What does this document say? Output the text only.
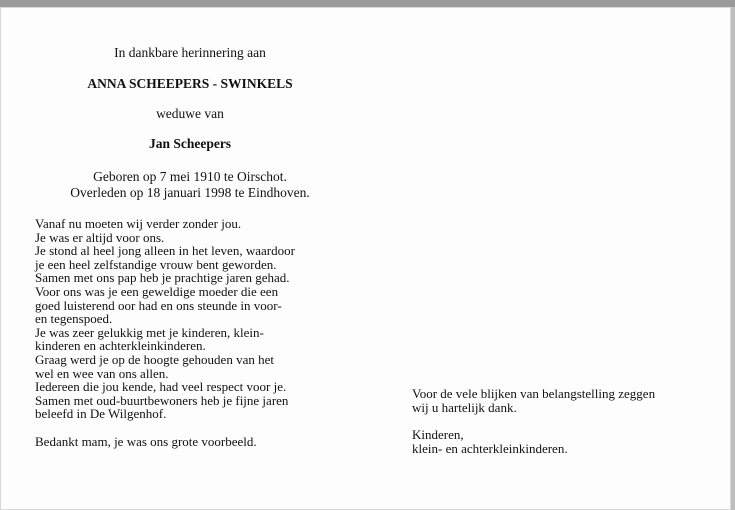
In dankbare herinnering aan
ANNA SCHEEPERS - SWINKELS
weduwe van
Jan Scheepers
Geboren op 7 mei 1910 te Oirschot.
Overleden op 18 januari 1998 te Eindhoven.
Vanaf nu moeten wij verder zonder jou.
Je was er altijd voor ons.
Je stond al heel jong alleen in het leven, waardoor
je een heel zelfstandige vrouw bent geworden.
Samen met ons pap heb je prachtige jaren gehad.
Voor ons was je een geweldige moeder die een
goed luisterend oor had en ons steunde in voor-
en tegenspoed.
Je was zeer gelukkig met je kinderen, klein-
kinderen en achterkleinkinderen.
Graag werd je op de hoogte gehouden van het
wel en wee van ons allen.
Iedereen die jou kende, had veel respect voor je.
Samen met oud-buurtbewoners heb je fijne jaren
beleefd in De Wilgenhof.
Bedankt mam, je was ons grote voorbeeld.
Voor de vele blijken van belangstelling zeggen
wij u hartelijk dank.
Kinderen,
klein- en achterkleinkinderen.
